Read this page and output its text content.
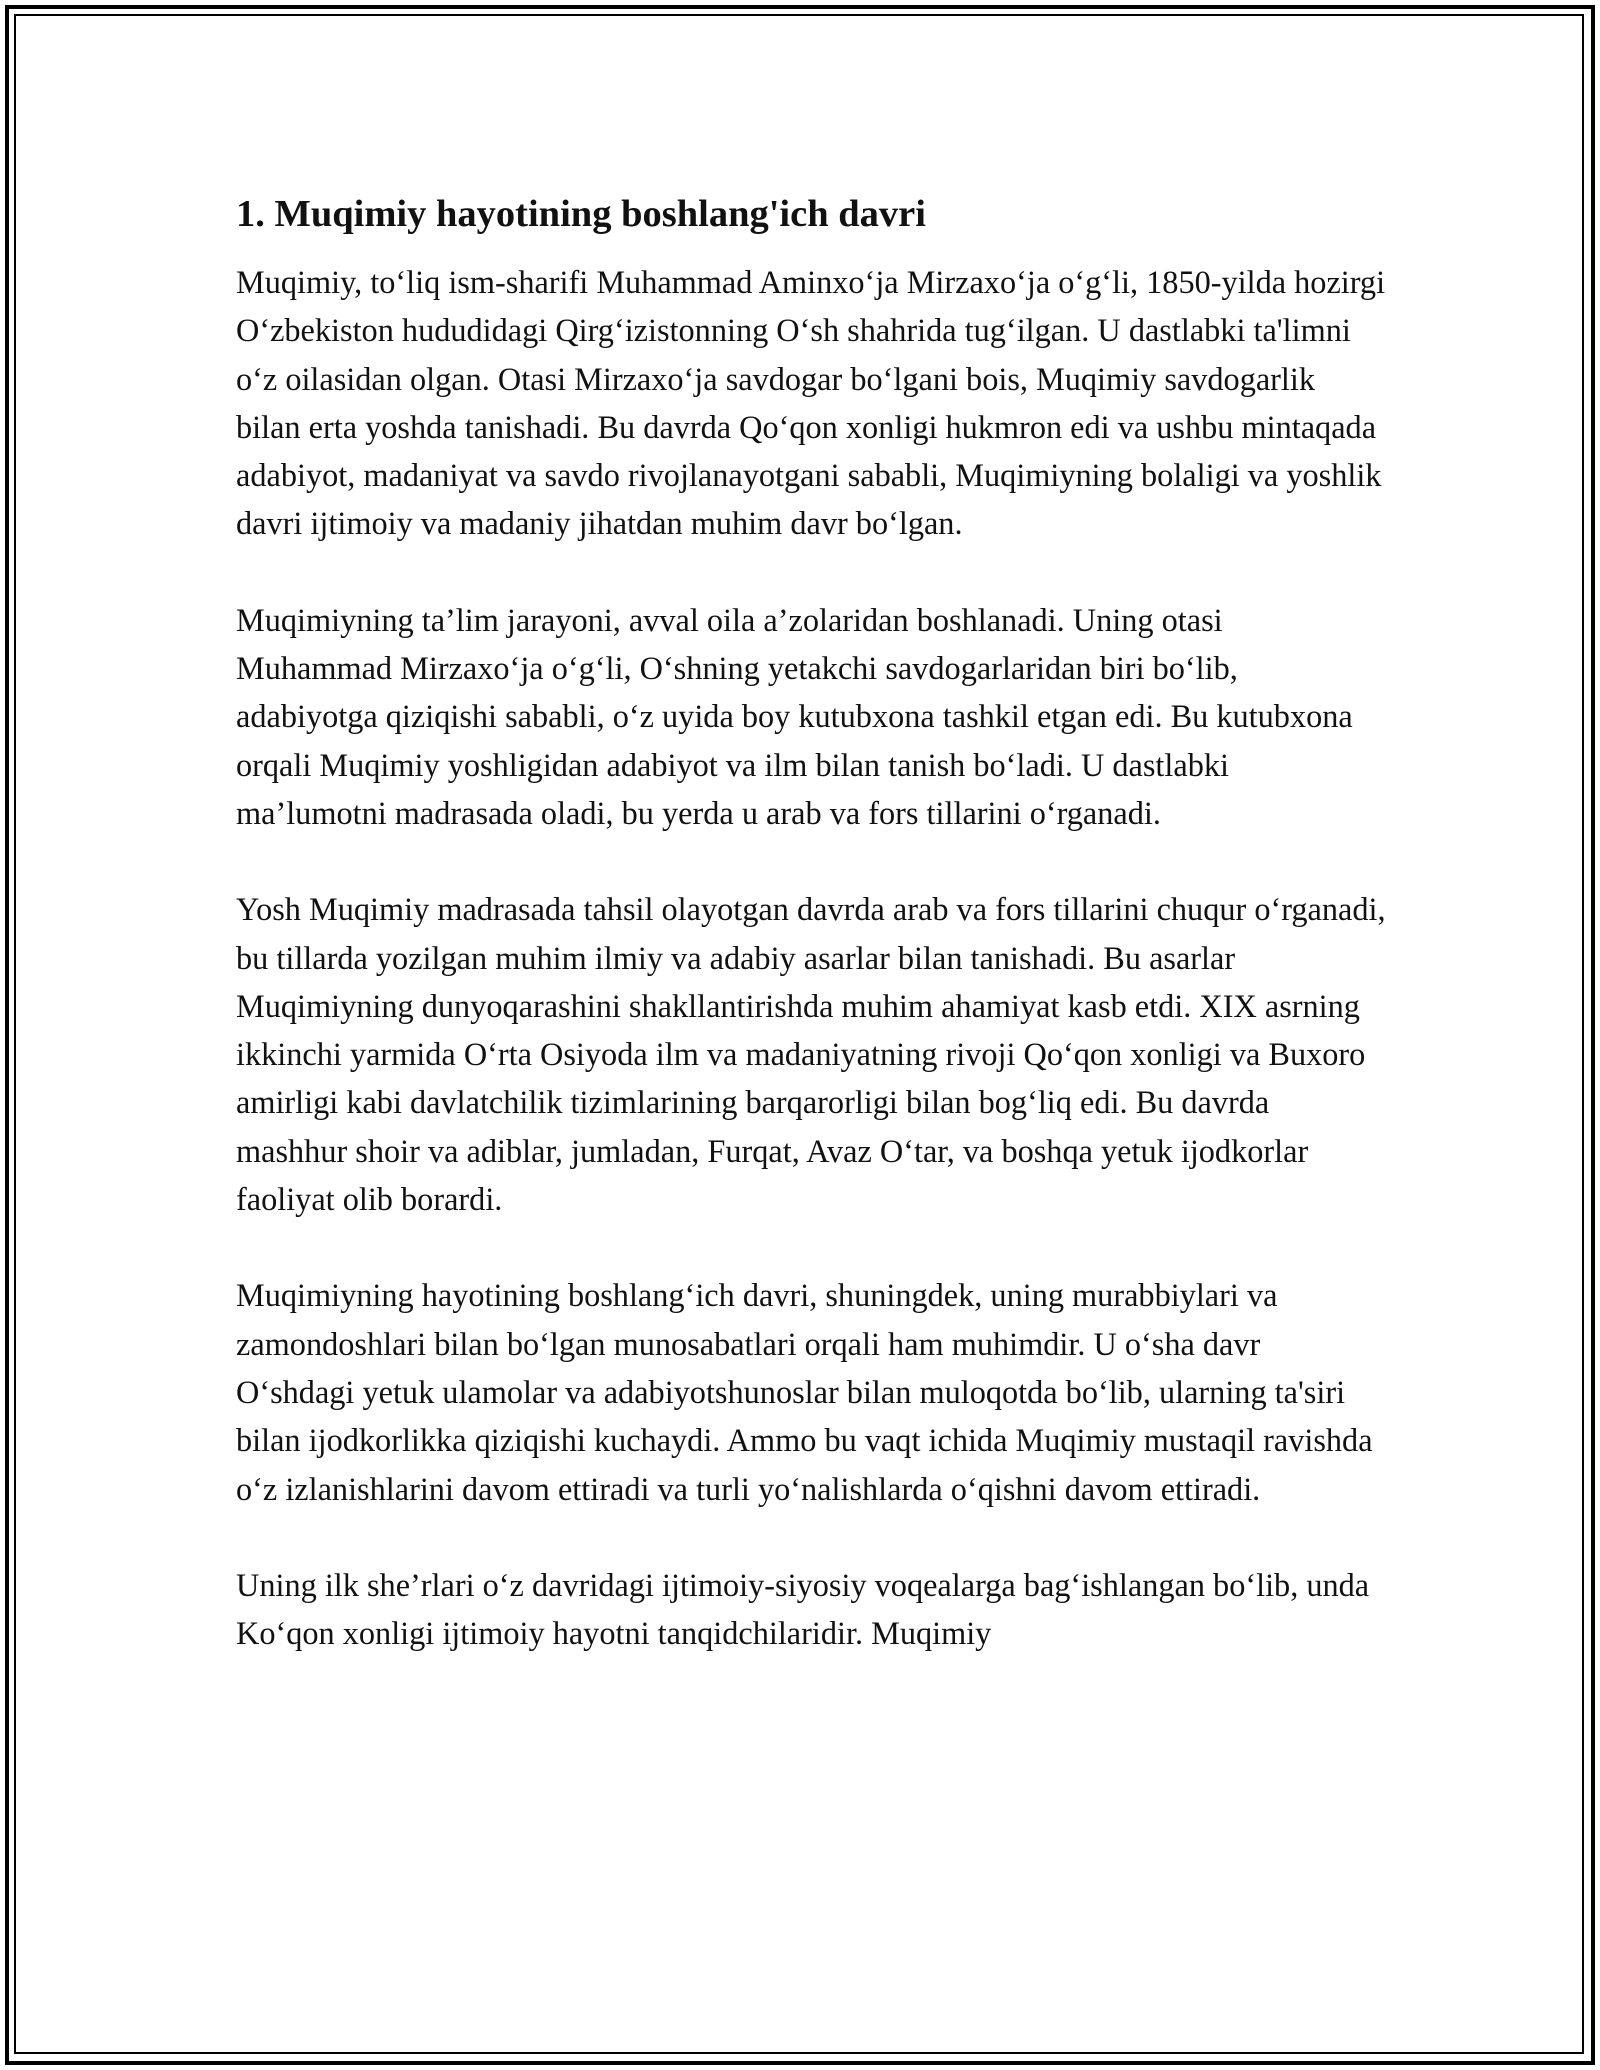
1. Muqimiy hayotining boshlang'ich davri

Muqimiy, to‘liq ism-sharifi Muhammad Aminxo‘ja Mirzaxo‘ja o‘g‘li, 1850-yilda hozirgi O‘zbekiston hududidagi Qirg‘izistonning O‘sh shahrida tug‘ilgan. U dastlabki ta'limni o‘z oilasidan olgan. Otasi Mirzaxo‘ja savdogar bo‘lgani bois, Muqimiy savdogarlik bilan erta yoshda tanishadi. Bu davrda Qo‘qon xonligi hukmron edi va ushbu mintaqada adabiyot, madaniyat va savdo rivojlanayotgani sababli, Muqimiyning bolaligi va yoshlik davri ijtimoiy va madaniy jihatdan muhim davr bo‘lgan.

Muqimiyning ta’lim jarayoni, avval oila a’zolaridan boshlanadi. Uning otasi Muhammad Mirzaxo‘ja o‘g‘li, O‘shning yetakchi savdogarlaridan biri bo‘lib, adabiyotga qiziqishi sababli, o‘z uyida boy kutubxona tashkil etgan edi. Bu kutubxona orqali Muqimiy yoshligidan adabiyot va ilm bilan tanish bo‘ladi. U dastlabki ma’lumotni madrasada oladi, bu yerda u arab va fors tillarini o‘rganadi.

Yosh Muqimiy madrasada tahsil olayotgan davrda arab va fors tillarini chuqur o‘rganadi, bu tillarda yozilgan muhim ilmiy va adabiy asarlar bilan tanishadi. Bu asarlar Muqimiyning dunyoqarashini shakllantirishda muhim ahamiyat kasb etdi. XIX asrning ikkinchi yarmida O‘rta Osiyoda ilm va madaniyatning rivoji Qo‘qon xonligi va Buxoro amirligi kabi davlatchilik tizimlarining barqarorligi bilan bog‘liq edi. Bu davrda mashhur shoir va adiblar, jumladan, Furqat, Avaz O‘tar, va boshqa yetuk ijodkorlar faoliyat olib borardi.

Muqimiyning hayotining boshlang‘ich davri, shuningdek, uning murabbiylari va zamondoshlari bilan bo‘lgan munosabatlari orqali ham muhimdir. U o‘sha davr O‘shdagi yetuk ulamolar va adabiyotshunoslar bilan muloqotda bo‘lib, ularning ta'siri bilan ijodkorlikka qiziqishi kuchaydi. Ammo bu vaqt ichida Muqimiy mustaqil ravishda o‘z izlanishlarini davom ettiradi va turli yo‘nalishlarda o‘qishni davom ettiradi.

Uning ilk she’rlari o‘z davridagi ijtimoiy-siyosiy voqealarga bag‘ishlangan bo‘lib, unda Ko‘qon xonligi ijtimoiy hayotni tanqidchilaridir. Muqimiy
